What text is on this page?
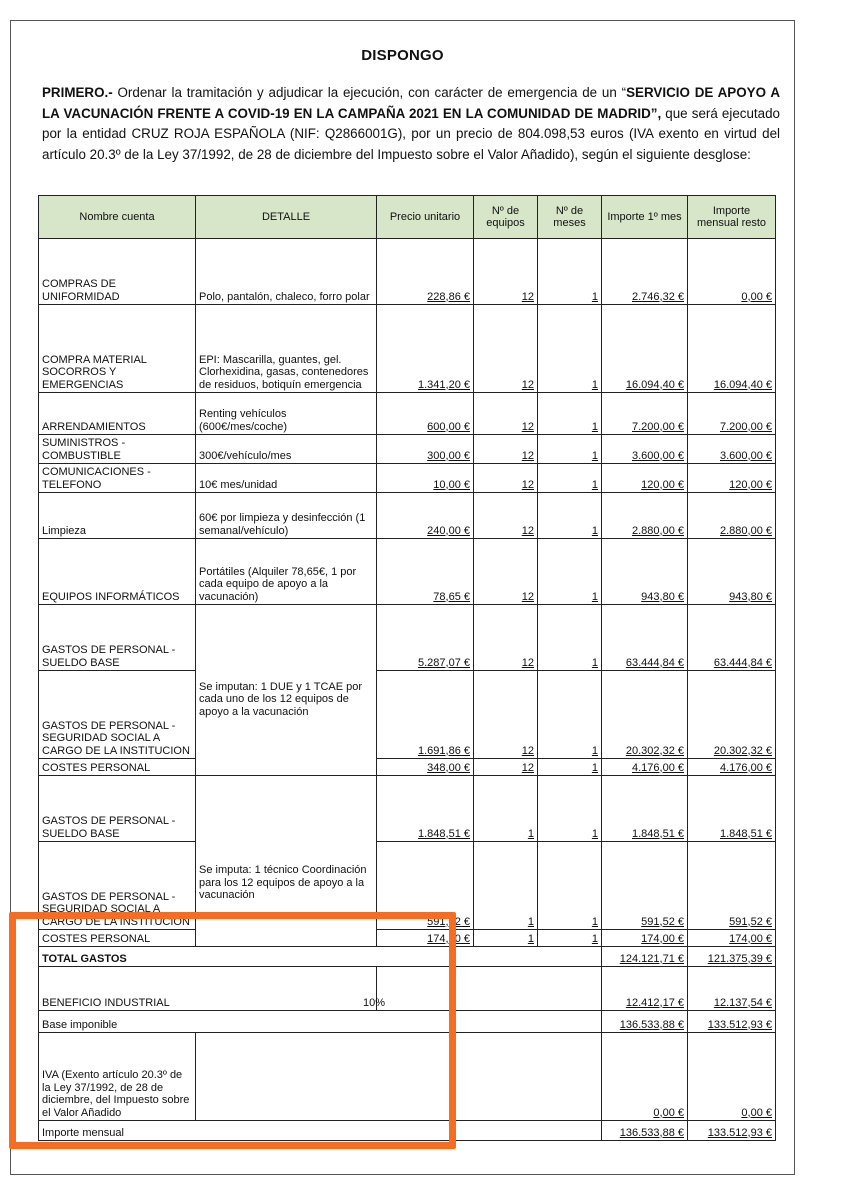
DISPONGO
PRIMERO.- Ordenar la tramitación y adjudicar la ejecución, con carácter de emergencia de un “SERVICIO DE APOYO A LA VACUNACIÓN FRENTE A COVID-19 EN LA CAMPAÑA 2021 EN LA COMUNIDAD DE MADRID”, que será ejecutado por la entidad CRUZ ROJA ESPAÑOLA (NIF: Q2866001G), por un precio de 804.098,53 euros (IVA exento en virtud del artículo 20.3º de la Ley 37/1992, de 28 de diciembre del Impuesto sobre el Valor Añadido), según el siguiente desglose:
Nombre cuenta	DETALLE	Precio unitario	Nº de equipos	Nº de meses	Importe 1º mes	Importe mensual resto
COMPRAS DE UNIFORMIDAD	Polo, pantalón, chaleco, forro polar	228,86 €	12	1	2.746,32 €	0,00 €
COMPRA MATERIAL SOCORROS Y EMERGENCIAS	EPI: Mascarilla, guantes, gel. Clorhexidina, gasas, contenedores de residuos, botiquín emergencia	1.341,20 €	12	1	16.094,40 €	16.094,40 €
ARRENDAMIENTOS	Renting vehículos (600€/mes/coche)	600,00 €	12	1	7.200,00 €	7.200,00 €
SUMINISTROS - COMBUSTIBLE	300€/vehículo/mes	300,00 €	12	1	3.600,00 €	3.600,00 €
COMUNICACIONES - TELEFONO	10€ mes/unidad	10,00 €	12	1	120,00 €	120,00 €
Limpieza	60€ por limpieza y desinfección (1 semanal/vehículo)	240,00 €	12	1	2.880,00 €	2.880,00 €
EQUIPOS INFORMÁTICOS	Portátiles (Alquiler 78,65€, 1 por cada equipo de apoyo a la vacunación)	78,65 €	12	1	943,80 €	943,80 €
GASTOS DE PERSONAL - SUELDO BASE	Se imputan: 1 DUE y 1 TCAE por cada uno de los 12 equipos de apoyo a la vacunación	5.287,07 €	12	1	63.444,84 €	63.444,84 €
GASTOS DE PERSONAL - SEGURIDAD SOCIAL A CARGO DE LA INSTITUCION		1.691,86 €	12	1	20.302,32 €	20.302,32 €
COSTES PERSONAL		348,00 €	12	1	4.176,00 €	4.176,00 €
GASTOS DE PERSONAL - SUELDO BASE	Se imputa: 1 técnico Coordinación para los 12 equipos de apoyo a la vacunación	1.848,51 €	1	1	1.848,51 €	1.848,51 €
GASTOS DE PERSONAL - SEGURIDAD SOCIAL A CARGO DE LA INSTITUCION		591,52 €	1	1	591,52 €	591,52 €
COSTES PERSONAL		174,00 €	1	1	174,00 €	174,00 €
TOTAL GASTOS					124.121,71 €	121.375,39 €
BENEFICIO INDUSTRIAL 10%					12.412,17 €	12.137,54 €
Base imponible					136.533,88 €	133.512,93 €
IVA (Exento artículo 20.3º de la Ley 37/1992, de 28 de diciembre, del Impuesto sobre el Valor Añadido					0,00 €	0,00 €
Importe mensual					136.533,88 €	133.512,93 €
